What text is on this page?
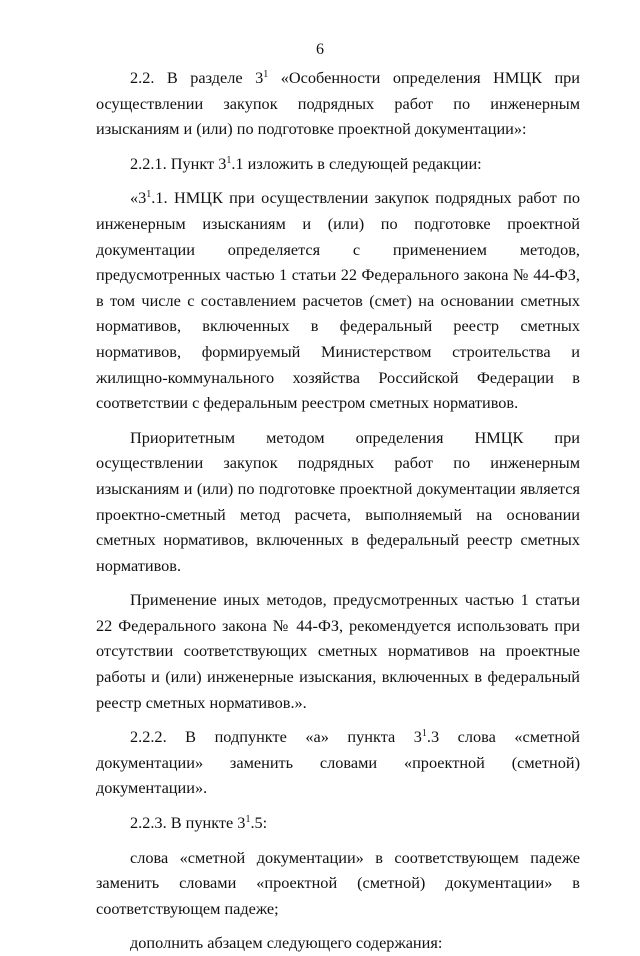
6

2.2. В разделе $3^1$ «Особенности определения НМЦК при осуществлении закупок подрядных работ по инженерным изысканиям и (или) по подготовке проектной документации»:

2.2.1. Пункт $3^1.1$ изложить в следующей редакции:

«$3^1.1$. НМЦК при осуществлении закупок подрядных работ по инженерным изысканиям и (или) по подготовке проектной документации определяется с применением методов, предусмотренных частью 1 статьи 22 Федерального закона № 44-ФЗ, в том числе с составлением расчетов (смет) на основании сметных нормативов, включенных в федеральный реестр сметных нормативов, формируемый Министерством строительства и жилищно-коммунального хозяйства Российской Федерации в соответствии с федеральным реестром сметных нормативов.

Приоритетным методом определения НМЦК при осуществлении закупок подрядных работ по инженерным изысканиям и (или) по подготовке проектной документации является проектно-сметный метод расчета, выполняемый на основании сметных нормативов, включенных в федеральный реестр сметных нормативов.

Применение иных методов, предусмотренных частью 1 статьи 22 Федерального закона № 44-ФЗ, рекомендуется использовать при отсутствии соответствующих сметных нормативов на проектные работы и (или) инженерные изыскания, включенных в федеральный реестр сметных нормативов.».

2.2.2. В подпункте «а» пункта $3^1.3$ слова «сметной документации» заменить словами «проектной (сметной) документации».

2.2.3. В пункте $3^1.5$:

слова «сметной документации» в соответствующем падеже заменить словами «проектной (сметной) документации» в соответствующем падеже;

дополнить абзацем следующего содержания:
